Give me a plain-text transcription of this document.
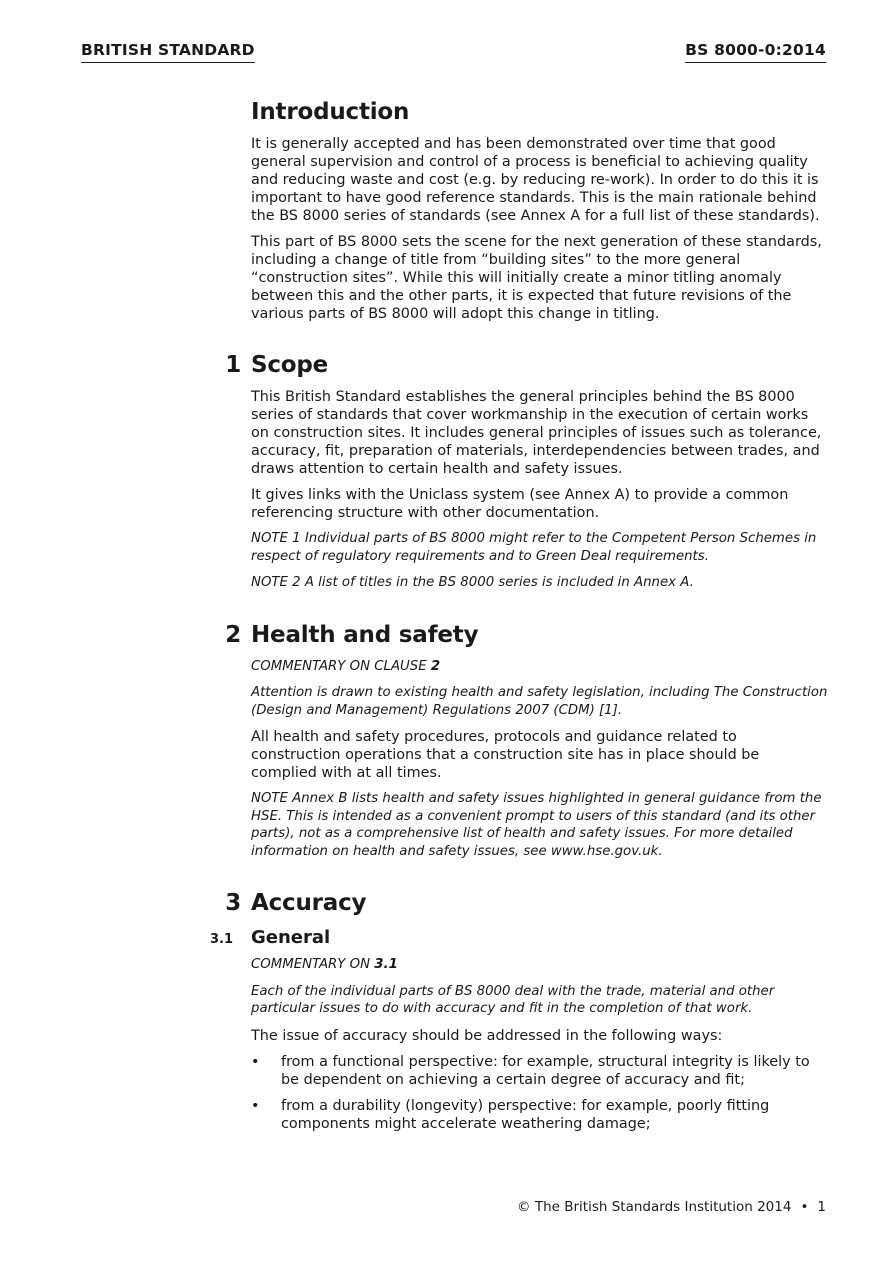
BRITISH STANDARD	BS 8000-0:2014
Introduction

It is generally accepted and has been demonstrated over time that good general supervision and control of a process is beneficial to achieving quality and reducing waste and cost (e.g. by reducing re-work). In order to do this it is important to have good reference standards. This is the main rationale behind the BS 8000 series of standards (see Annex A for a full list of these standards).

This part of BS 8000 sets the scene for the next generation of these standards, including a change of title from “building sites” to the more general “construction sites”. While this will initially create a minor titling anomaly between this and the other parts, it is expected that future revisions of the various parts of BS 8000 will adopt this change in titling.

1 Scope

This British Standard establishes the general principles behind the BS 8000 series of standards that cover workmanship in the execution of certain works on construction sites. It includes general principles of issues such as tolerance, accuracy, fit, preparation of materials, interdependencies between trades, and draws attention to certain health and safety issues.

It gives links with the Uniclass system (see Annex A) to provide a common referencing structure with other documentation.

NOTE 1 Individual parts of BS 8000 might refer to the Competent Person Schemes in respect of regulatory requirements and to Green Deal requirements.

NOTE 2 A list of titles in the BS 8000 series is included in Annex A.

2 Health and safety

COMMENTARY ON CLAUSE 2

Attention is drawn to existing health and safety legislation, including The Construction (Design and Management) Regulations 2007 (CDM) [1].

All health and safety procedures, protocols and guidance related to construction operations that a construction site has in place should be complied with at all times.

NOTE Annex B lists health and safety issues highlighted in general guidance from the HSE. This is intended as a convenient prompt to users of this standard (and its other parts), not as a comprehensive list of health and safety issues. For more detailed information on health and safety issues, see www.hse.gov.uk.

3 Accuracy
3.1 General

COMMENTARY ON 3.1

Each of the individual parts of BS 8000 deal with the trade, material and other particular issues to do with accuracy and fit in the completion of that work.

The issue of accuracy should be addressed in the following ways:

• from a functional perspective: for example, structural integrity is likely to be dependent on achieving a certain degree of accuracy and fit;
• from a durability (longevity) perspective: for example, poorly fitting components might accelerate weathering damage;
© The British Standards Institution 2014 • 1
